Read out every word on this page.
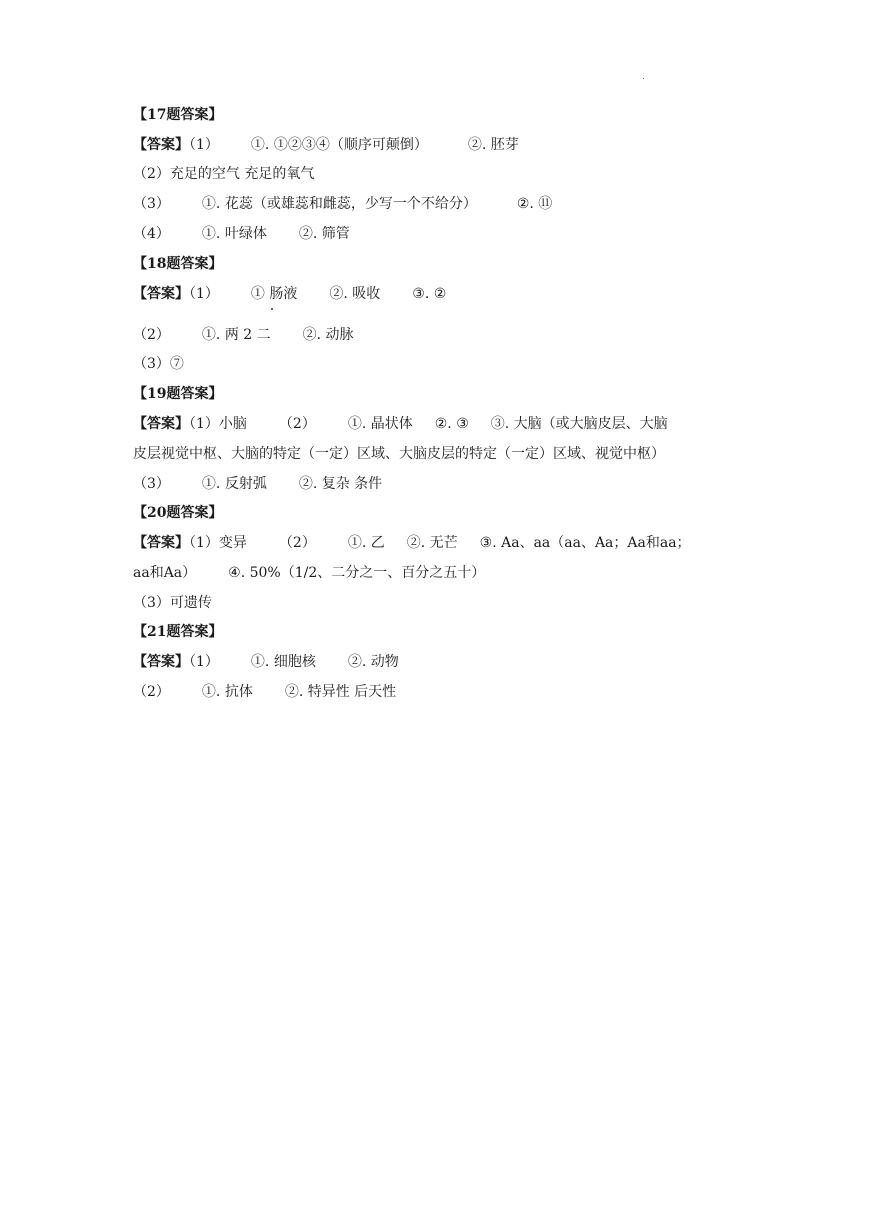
【17题答案】
【答案】（1） ①. ①②③④（顺序可颠倒）	②. 胚芽
（2）充足的空气 充足的氧气
（3） ①. 花蕊（或雄蕊和雌蕊，少写一个不给分）	②. ⑪
（4） ①. 叶绿体 ②. 筛管
【18题答案】
【答案】（1） ① 肠液 ②. 吸收 ③. ②
（2） ①. 两 2 二 ②. 动脉
（3）⑦
【19题答案】
【答案】（1）小脑 （2） ①. 晶状体 ②. ③ ③. 大脑（或大脑皮层、大脑
皮层视觉中枢、大脑的特定（一定）区域、大脑皮层的特定（一定）区域、视觉中枢）
（3） ①. 反射弧 ②. 复杂 条件
【20题答案】
【答案】（1）变异 （2） ①. 乙 ②. 无芒 ③. Aa、aa（aa、Aa；Aa和aa；
aa和Aa） ④. 50%（1/2、二分之一、百分之五十）
（3）可遗传
【21题答案】
【答案】（1） ①. 细胞核 ②. 动物
（2） ①. 抗体 ②. 特异性 后天性
